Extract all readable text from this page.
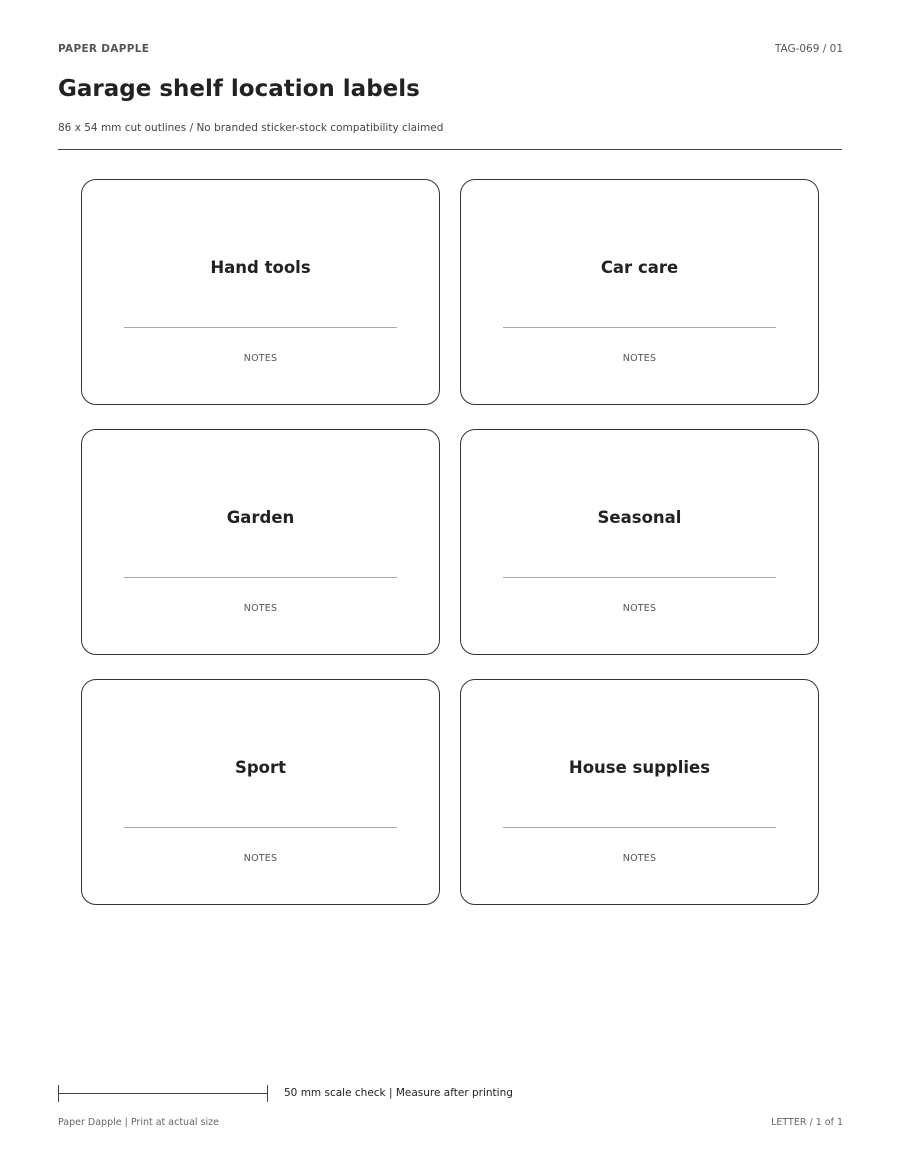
PAPER DAPPLE	TAG-069 / 01
Garage shelf location labels
86 x 54 mm cut outlines / No branded sticker-stock compatibility claimed
Hand tools
NOTES
Car care
NOTES
Garden
NOTES
Seasonal
NOTES
Sport
NOTES
House supplies
NOTES
50 mm scale check | Measure after printing
Paper Dapple | Print at actual size	LETTER / 1 of 1
